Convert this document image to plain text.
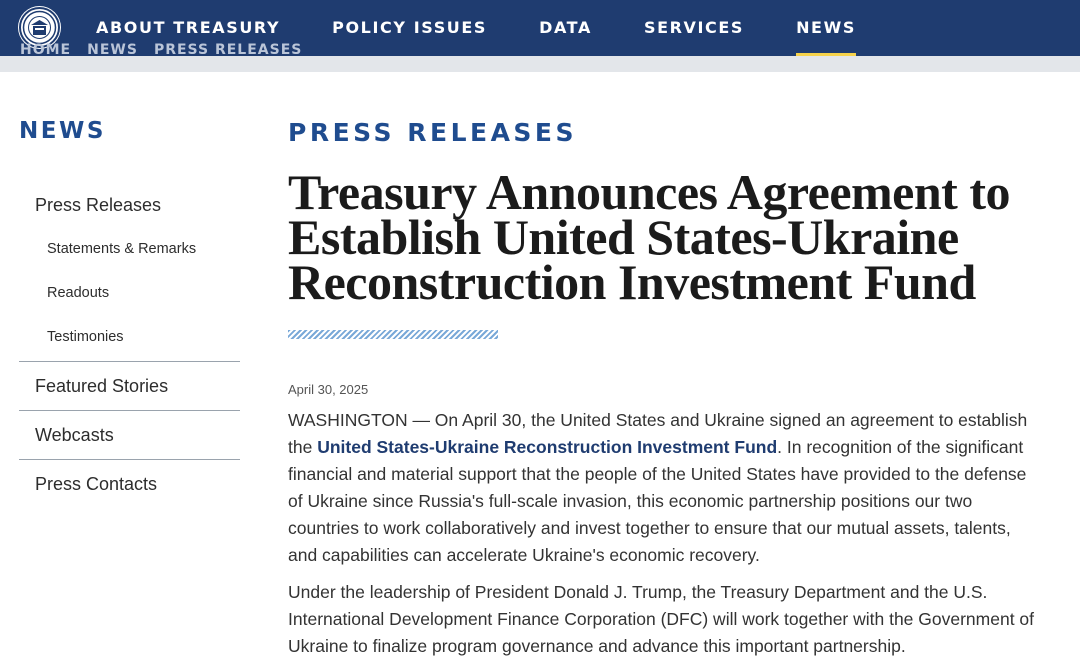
ABOUT TREASURY	POLICY ISSUES	DATA	SERVICES	NEWS
HOME NEWS PRESS RELEASES
NEWS
Press Releases
Statements & Remarks
Readouts
Testimonies
Featured Stories
Webcasts
Press Contacts
PRESS RELEASES
Treasury Announces Agreement to Establish United States-Ukraine Reconstruction Investment Fund
April 30, 2025

WASHINGTON — On April 30, the United States and Ukraine signed an agreement to establish the United States-Ukraine Reconstruction Investment Fund. In recognition of the significant financial and material support that the people of the United States have provided to the defense of Ukraine since Russia's full-scale invasion, this economic partnership positions our two countries to work collaboratively and invest together to ensure that our mutual assets, talents, and capabilities can accelerate Ukraine's economic recovery.

Under the leadership of President Donald J. Trump, the Treasury Department and the U.S. International Development Finance Corporation (DFC) will work together with the Government of Ukraine to finalize program governance and advance this important partnership.
